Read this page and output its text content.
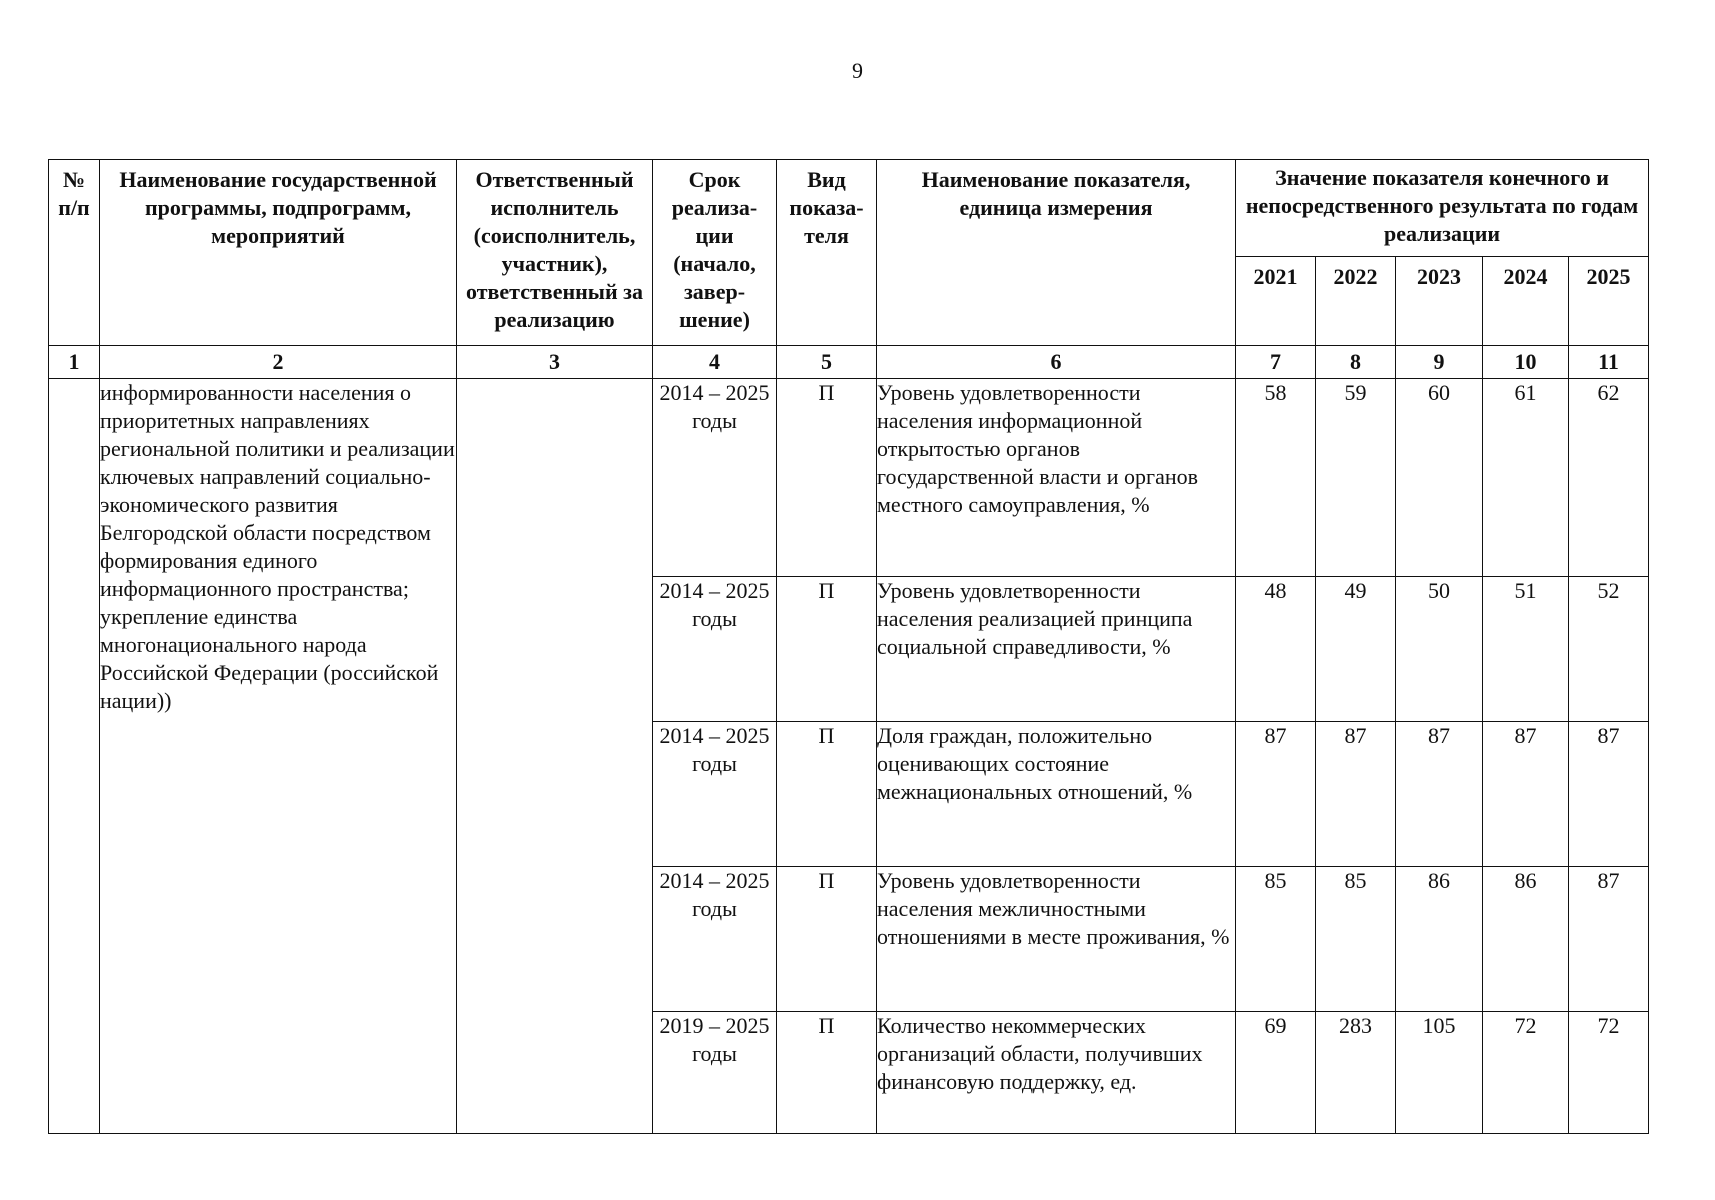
9
№ п/п	Наименование государственной программы, подпрограмм, мероприятий	Ответственный исполнитель (соисполнитель, участник), ответственный за реализацию	Срок реализа-ции (начало, завер-шение)	Вид показа-теля	Наименование показателя, единица измерения	Значение показателя конечного и непосредственного результата по годам реализации				
						2021	2022	2023	2024	2025
1	2	3	4	5	6	7	8	9	10	11
	информированности населения о приоритетных направлениях региональной политики и реализации ключевых направлений социально-экономического развития Белгородской области посредством формирования единого информационного пространства; укрепление единства многонационального народа Российской Федерации (российской нации))		2014 – 2025 годы	П	Уровень удовлетворенности населения информационной открытостью органов государственной власти и органов местного самоуправления, %	58	59	60	61	62
			2014 – 2025 годы	П	Уровень удовлетворенности населения реализацией принципа социальной справедливости, %	48	49	50	51	52
			2014 – 2025 годы	П	Доля граждан, положительно оценивающих состояние межнациональных отношений, %	87	87	87	87	87
			2014 – 2025 годы	П	Уровень удовлетворенности населения межличностными отношениями в месте проживания, %	85	85	86	86	87
			2019 – 2025 годы	П	Количество некоммерческих организаций области, получивших финансовую поддержку, ед.	69	283	105	72	72
